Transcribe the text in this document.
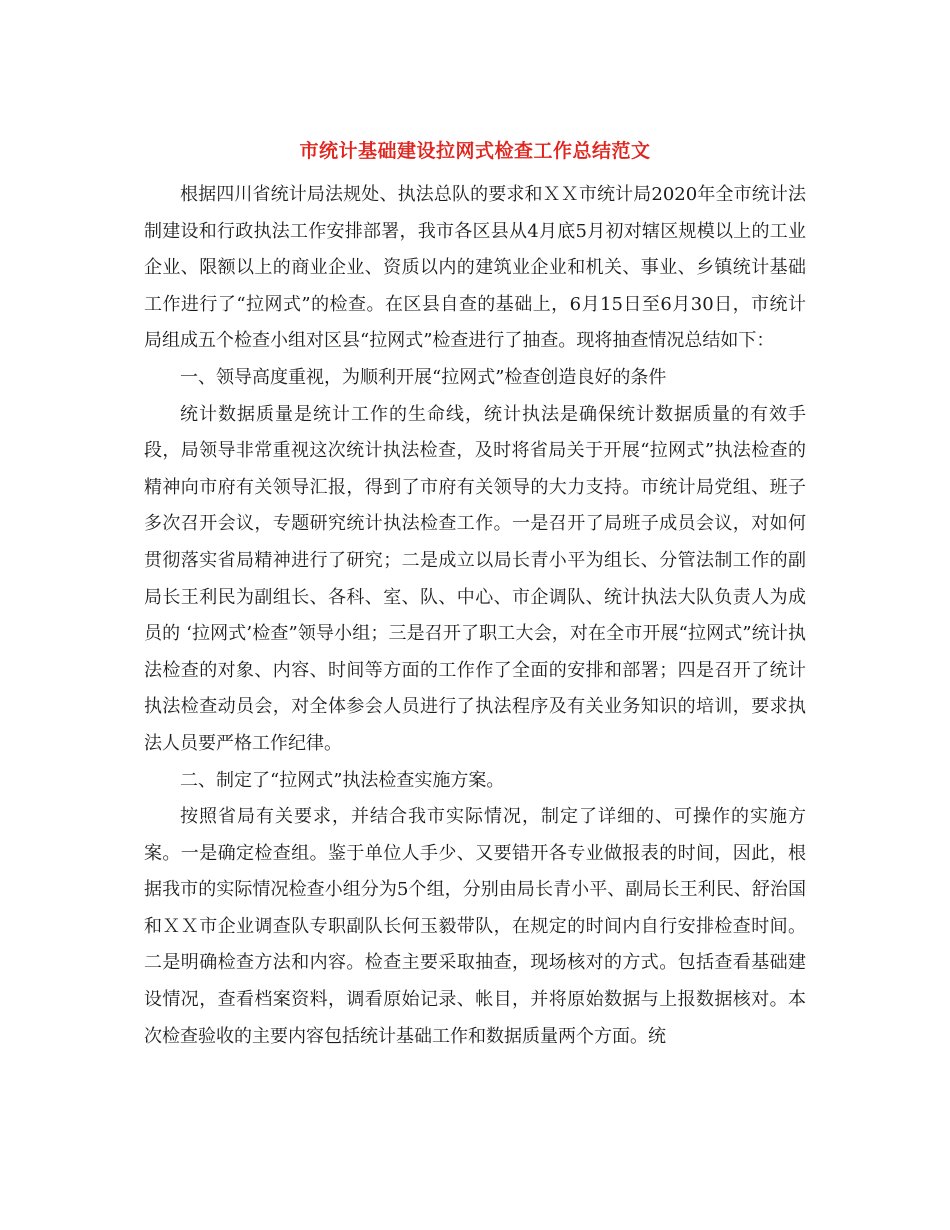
市统计基础建设拉网式检查工作总结范文

根据四川省统计局法规处、执法总队的要求和ＸＸ市统计局2020年全市统计法制建设和行政执法工作安排部署，我市各区县从4月底5月初对辖区规模以上的工业企业、限额以上的商业企业、资质以内的建筑业企业和机关、事业、乡镇统计基础工作进行了“拉网式”的检查。在区县自查的基础上，6月15日至6月30日，市统计局组成五个检查小组对区县“拉网式”检查进行了抽查。现将抽查情况总结如下：

一、领导高度重视，为顺利开展“拉网式”检查创造良好的条件

统计数据质量是统计工作的生命线，统计执法是确保统计数据质量的有效手段，局领导非常重视这次统计执法检查，及时将省局关于开展“拉网式”执法检查的精神向市府有关领导汇报，得到了市府有关领导的大力支持。市统计局党组、班子多次召开会议，专题研究统计执法检查工作。一是召开了局班子成员会议，对如何贯彻落实省局精神进行了研究；二是成立以局长青小平为组长、分管法制工作的副局长王利民为副组长、各科、室、队、中心、市企调队、统计执法大队负责人为成员的 ‘拉网式’检查”领导小组；三是召开了职工大会，对在全市开展“拉网式”统计执法检查的对象、内容、时间等方面的工作作了全面的安排和部署；四是召开了统计执法检查动员会，对全体参会人员进行了执法程序及有关业务知识的培训，要求执法人员要严格工作纪律。

二、制定了“拉网式”执法检查实施方案。

按照省局有关要求，并结合我市实际情况，制定了详细的、可操作的实施方案。一是确定检查组。鉴于单位人手少、又要错开各专业做报表的时间，因此，根据我市的实际情况检查小组分为5个组，分别由局长青小平、副局长王利民、舒治国和ＸＸ市企业调查队专职副队长何玉毅带队，在规定的时间内自行安排检查时间。二是明确检查方法和内容。检查主要采取抽查，现场核对的方式。包括查看基础建设情况，查看档案资料，调看原始记录、帐目，并将原始数据与上报数据核对。本次检查验收的主要内容包括统计基础工作和数据质量两个方面。统
